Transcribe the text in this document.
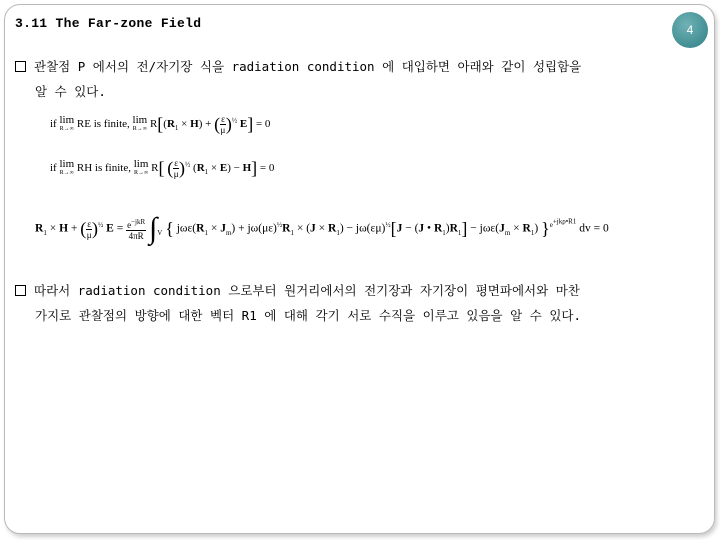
3.11 The Far-zone Field	4
관찰점 P 에서의 전/자기장 식을 radiation condition 에 대입하면 아래와 같이 성립함을
알 수 있다.
if lim
R→∞ RE is finite, lim
R→∞ $R[(R_1 \times H)$ + ( $\frac{\varepsilon}{\mu} )^{\frac{1}{2}}$ E] = 0
if lim
R→∞ RH is finite, lim
R→∞ R[ ( $\frac{\varepsilon}{\mu} )^{\frac{1}{2}}$ $(R_1 \times E) - H] = 0$
$R_1 \times H$ + ( $\frac{\varepsilon}{\mu} )^{\frac{1}{2}}$ $E = \frac{e^{-jkR}}{4\pi R} \int_V$ { $j\omega\varepsilon(R_1 \times J_m) + j\omega(\mu\varepsilon)^{\frac{1}{2}}R_1 \times (J \times R_1) - j\omega(\varepsilon\mu)^{\frac{1}{2}}[J - (J$ • $R_1)R_1] - j\omega\varepsilon(J_m \times R_1)$ }$^{e^{+jk\rho•R1}}$ dv = 0
따라서 radiation condition 으로부터 원거리에서의 전기장과 자기장이 평면파에서와 마찬
가지로 관찰점의 방향에 대한 벡터 R1 에 대해 각기 서로 수직을 이루고 있음을 알 수 있다.
